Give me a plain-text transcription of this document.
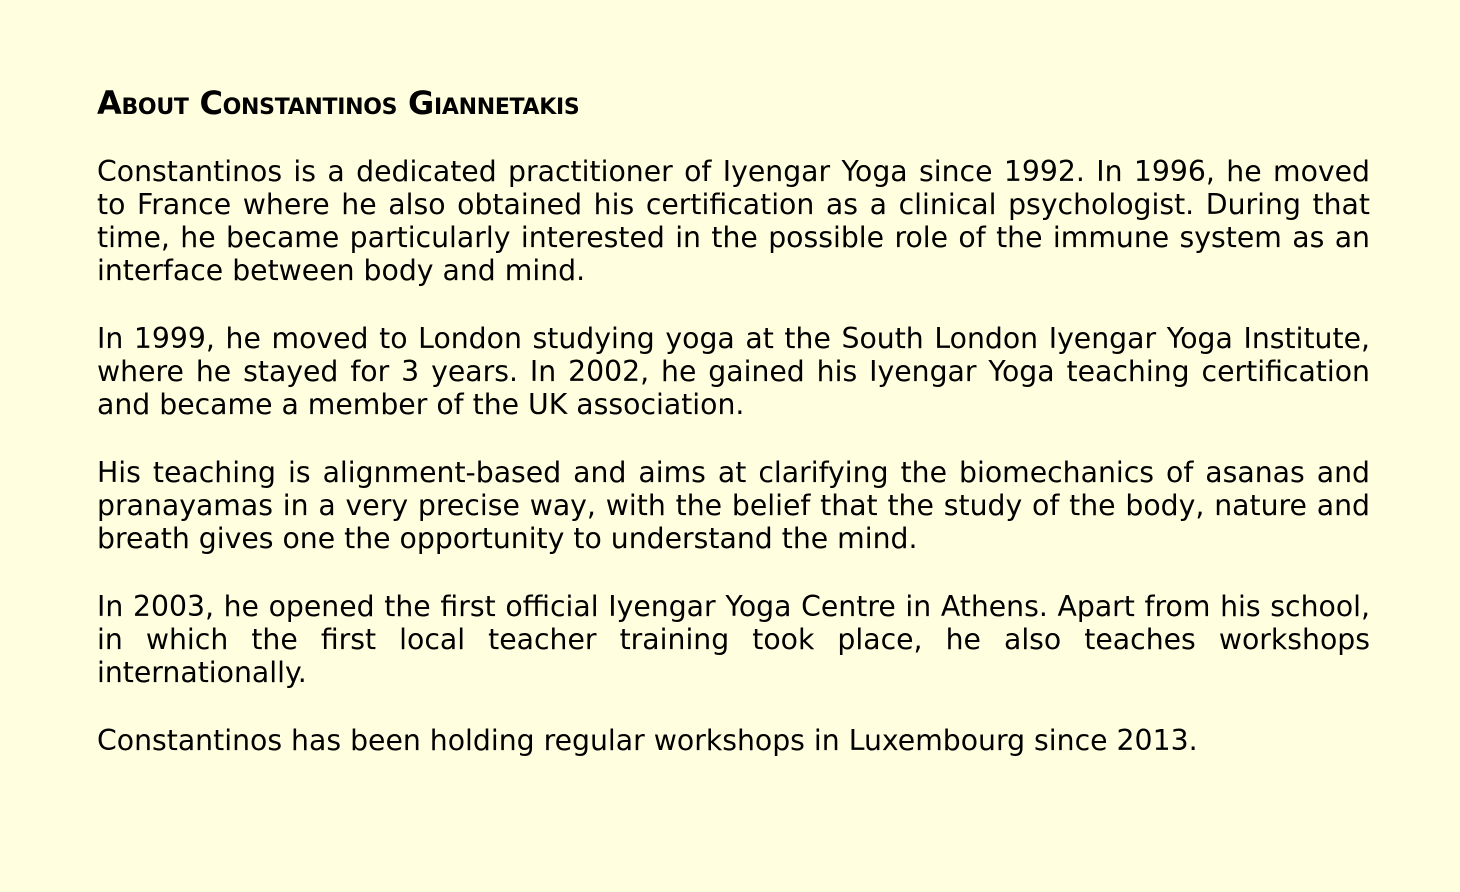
About Constantinos Giannetakis

Constantinos is a dedicated practitioner of Iyengar Yoga since 1992. In 1996, he moved to France where he also obtained his certification as a clinical psychologist. During that time, he became particularly interested in the possible role of the immune system as an interface between body and mind.

In 1999, he moved to London studying yoga at the South London Iyengar Yoga Institute, where he stayed for 3 years. In 2002, he gained his Iyengar Yoga teaching certification and became a member of the UK association.

His teaching is alignment-based and aims at clarifying the biomechanics of asanas and pranayamas in a very precise way, with the belief that the study of the body, nature and breath gives one the opportunity to understand the mind.

In 2003, he opened the first official Iyengar Yoga Centre in Athens. Apart from his school, in which the first local teacher training took place, he also teaches workshops internationally.

Constantinos has been holding regular workshops in Luxembourg since 2013.
